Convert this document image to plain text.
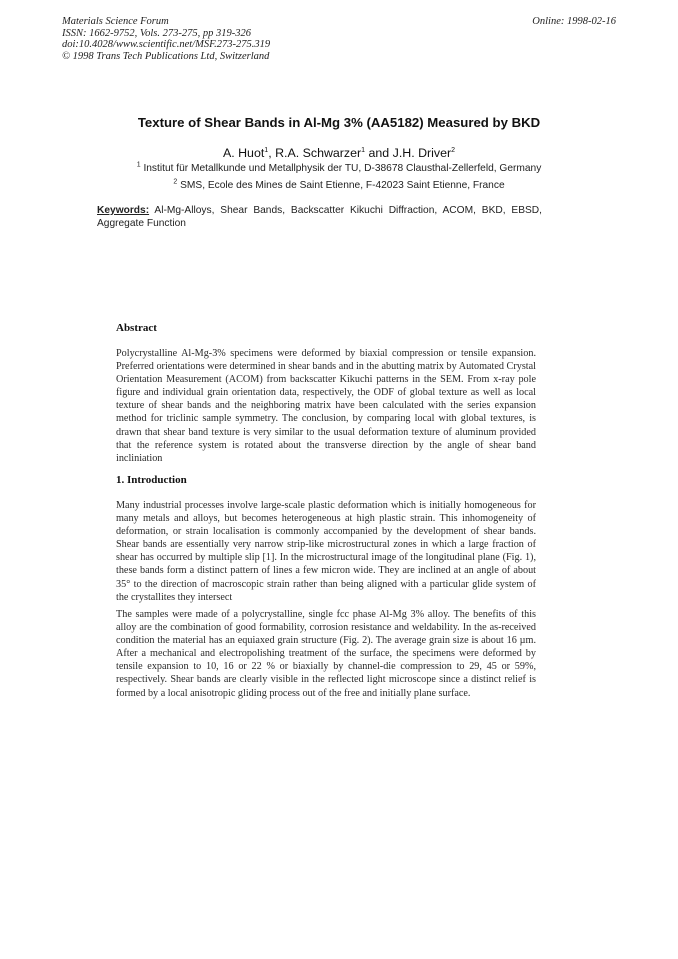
Materials Science Forum
ISSN: 1662-9752, Vols. 273-275, pp 319-326
doi:10.4028/www.scientific.net/MSF.273-275.319
© 1998 Trans Tech Publications Ltd, Switzerland
Online: 1998-02-16
Texture of Shear Bands in Al-Mg 3% (AA5182) Measured by BKD
A. Huot$^1$, R.A. Schwarzer$^1$ and J.H. Driver$^2$
$^1$ Institut für Metallkunde und Metallphysik der TU, D-38678 Clausthal-Zellerfeld, Germany
$^2$ SMS, Ecole des Mines de Saint Etienne, F-42023 Saint Etienne, France
Keywords: Al-Mg-Alloys, Shear Bands, Backscatter Kikuchi Diffraction, ACOM, BKD, EBSD, Aggregate Function
Abstract
Polycrystalline Al-Mg-3% specimens were deformed by biaxial compression or tensile expansion. Preferred orientations were determined in shear bands and in the abutting matrix by Automated Crystal Orientation Measurement (ACOM) from backscatter Kikuchi patterns in the SEM. From x-ray pole figure and individual grain orientation data, respectively, the ODF of global texture as well as local texture of shear bands and the neighboring matrix have been calculated with the series expansion method for triclinic sample symmetry. The conclusion, by comparing local with global textures, is drawn that shear band texture is very similar to the usual deformation texture of aluminum provided that the reference system is rotated about the transverse direction by the angle of shear band incliniation
1. Introduction
Many industrial processes involve large-scale plastic deformation which is initially homogeneous for many metals and alloys, but becomes heterogeneous at high plastic strain. This inhomogeneity of deformation, or strain localisation is commonly accompanied by the development of shear bands. Shear bands are essentially very narrow strip-like microstructural zones in which a large fraction of shear has occurred by multiple slip [1]. In the microstructural image of the longitudinal plane (Fig. 1), these bands form a distinct pattern of lines a few micron wide. They are inclined at an angle of about 35° to the direction of macroscopic strain rather than being aligned with a particular glide system of the crystallites they intersect
The samples were made of a polycrystalline, single fcc phase Al-Mg 3% alloy. The benefits of this alloy are the combination of good formability, corrosion resistance and weldability. In the as-received condition the material has an equiaxed grain structure (Fig. 2). The average grain size is about 16 µm. After a mechanical and electropolishing treatment of the surface, the specimens were deformed by tensile expansion to 10, 16 or 22 % or biaxially by channel-die compression to 29, 45 or 59%, respectively. Shear bands are clearly visible in the reflected light microscope since a distinct relief is formed by a local anisotropic gliding process out of the free and initially plane surface.
